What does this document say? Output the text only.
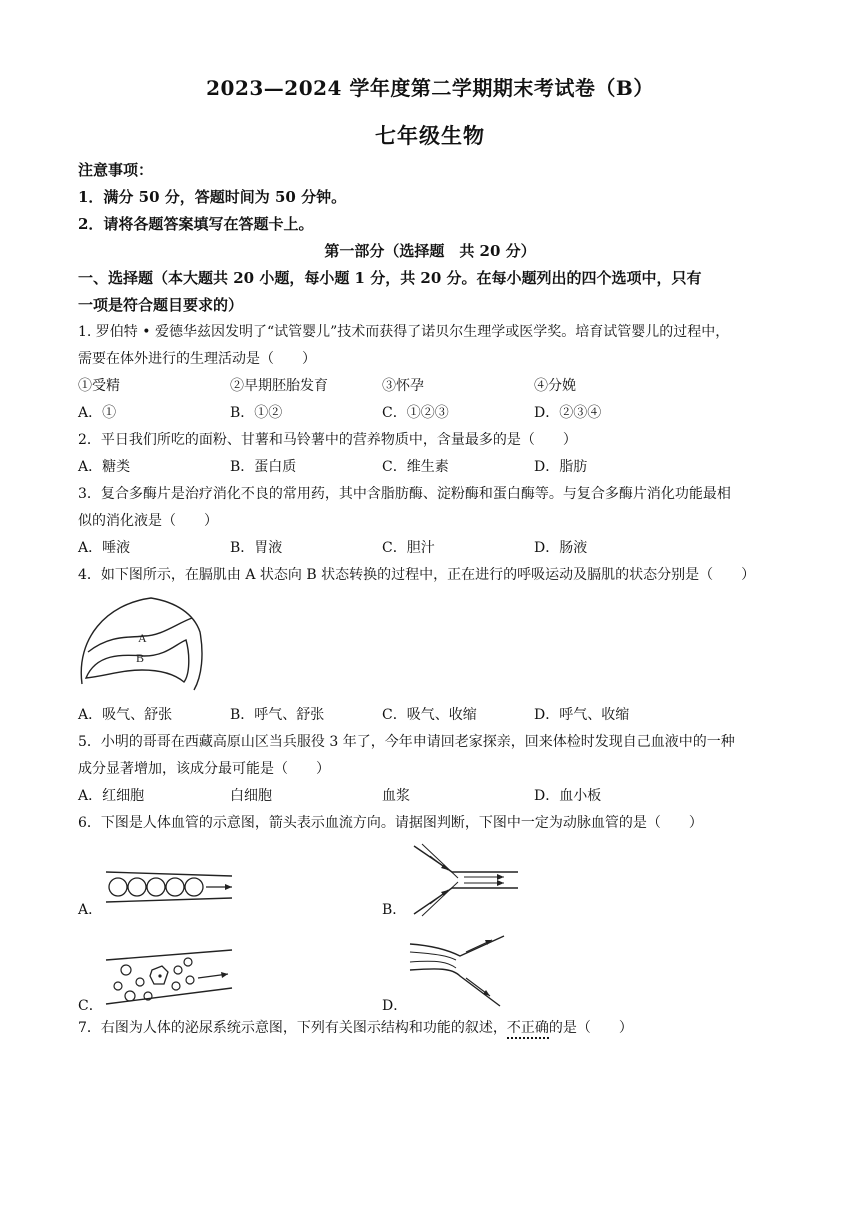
2023—2024 学年度第二学期期末考试卷（B）
七年级生物
注意事项：
1．满分 50 分，答题时间为 50 分钟。
2．请将各题答案填写在答题卡上。
第一部分（选择题　共 20 分）
一、选择题（本大题共 20 小题，每小题 1 分，共 20 分。在每小题列出的四个选项中，只有
一项是符合题目要求的）
1. 罗伯特 • 爱德华兹因发明了“试管婴儿”技术而获得了诺贝尔生理学或医学奖。培育试管婴儿的过程中，
需要在体外进行的生理活动是（　　）
①受精	②早期胚胎发育	③怀孕	④分娩
A．①	B．①②	C．①②③	D．②③④
2．平日我们所吃的面粉、甘薯和马铃薯中的营养物质中，含量最多的是（　　）
A．糖类	B．蛋白质	C．维生素	D．脂肪
3．复合多酶片是治疗消化不良的常用药，其中含脂肪酶、淀粉酶和蛋白酶等。与复合多酶片消化功能最相
似的消化液是（　　）
A．唾液	B．胃液	C．胆汁	D．肠液
4．如下图所示，在膈肌由 A 状态向 B 状态转换的过程中，正在进行的呼吸运动及膈肌的状态分别是（　　）
A
B
A．吸气、舒张	B．呼气、舒张	C．吸气、收缩	D．呼气、收缩
5．小明的哥哥在西藏高原山区当兵服役 3 年了，今年申请回老家探亲，回来体检时发现自己血液中的一种
成分显著增加，该成分最可能是（　　）
A．红细胞	白细胞	血浆	D．血小板
6．下图是人体血管的示意图，箭头表示血流方向。请据图判断，下图中一定为动脉血管的是（　　）
A．	B．
C．	D．
7．右图为人体的泌尿系统示意图，下列有关图示结构和功能的叙述，不正确的是（　　）
